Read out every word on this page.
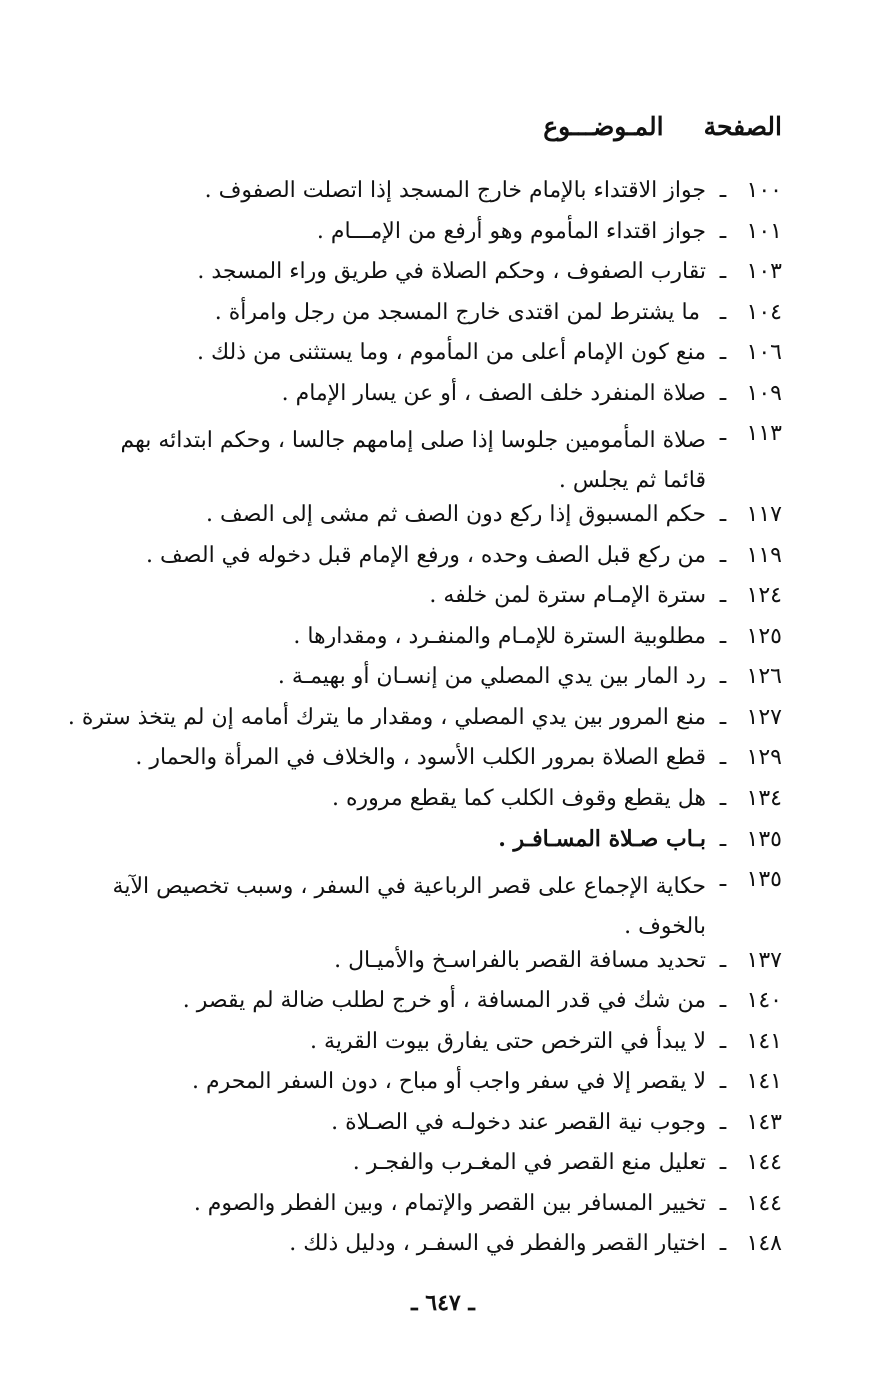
الصفحة
المـوضـــوع
١٠٠
ـ
جواز الاقتداء بالإمام خارج المسجد إذا اتصلت الصفوف .
١٠١
ـ
جواز اقتداء المأموم وهو أرفع من الإمـــام .
١٠٣
ـ
تقارب الصفوف ، وحكم الصلاة في طريق وراء المسجد .
١٠٤
ـ
ما يشترط لمن اقتدى خارج المسجد من رجل وامرأة .
١٠٦
ـ
منع كون الإمام أعلى من المأموم ، وما يستثنى من ذلك .
١٠٩
ـ
صلاة المنفرد خلف الصف ، أو عن يسار الإمام .
١١٣
ـ
صلاة المأمومين جلوسا إذا صلى إمامهم جالسا ، وحكم ابتدائه بهم قائما ثم يجلس .
١١٧
ـ
حكم المسبوق إذا ركع دون الصف ثم مشى إلى الصف .
١١٩
ـ
من ركع قبل الصف وحده ، ورفع الإمام قبل دخوله في الصف .
١٢٤
ـ
سترة الإمـام سترة لمن خلفه .
١٢٥
ـ
مطلوبية السترة للإمـام والمنفـرد ، ومقدارها .
١٢٦
ـ
رد المار بين يدي المصلي من إنسـان أو بهيمـة .
١٢٧
ـ
منع المرور بين يدي المصلي ، ومقدار ما يترك أمامه إن لم يتخذ سترة .
١٢٩
ـ
قطع الصلاة بمرور الكلب الأسود ، والخلاف في المرأة والحمار .
١٣٤
ـ
هل يقطع وقوف الكلب كما يقطع مروره .
١٣٥
ـ
بـاب صـلاة المسـافـر .
١٣٥
ـ
حكاية الإجماع على قصر الرباعية في السفر ، وسبب تخصيص الآية بالخوف .
١٣٧
ـ
تحديد مسافة القصر بالفراسـخ والأميـال .
١٤٠
ـ
من شك في قدر المسافة ، أو خرج لطلب ضالة لم يقصر .
١٤١
ـ
لا يبدأ في الترخص حتى يفارق بيوت القرية .
١٤١
ـ
لا يقصر إلا في سفر واجب أو مباح ، دون السفر المحرم .
١٤٣
ـ
وجوب نية القصر عند دخولـه في الصـلاة .
١٤٤
ـ
تعليل منع القصر في المغـرب والفجـر .
١٤٤
ـ
تخيير المسافر بين القصر والإتمام ، وبين الفطر والصوم .
١٤٨
ـ
اختيار القصر والفطر في السفـر ، ودليل ذلك .
ـ ٦٤٧ ـ
